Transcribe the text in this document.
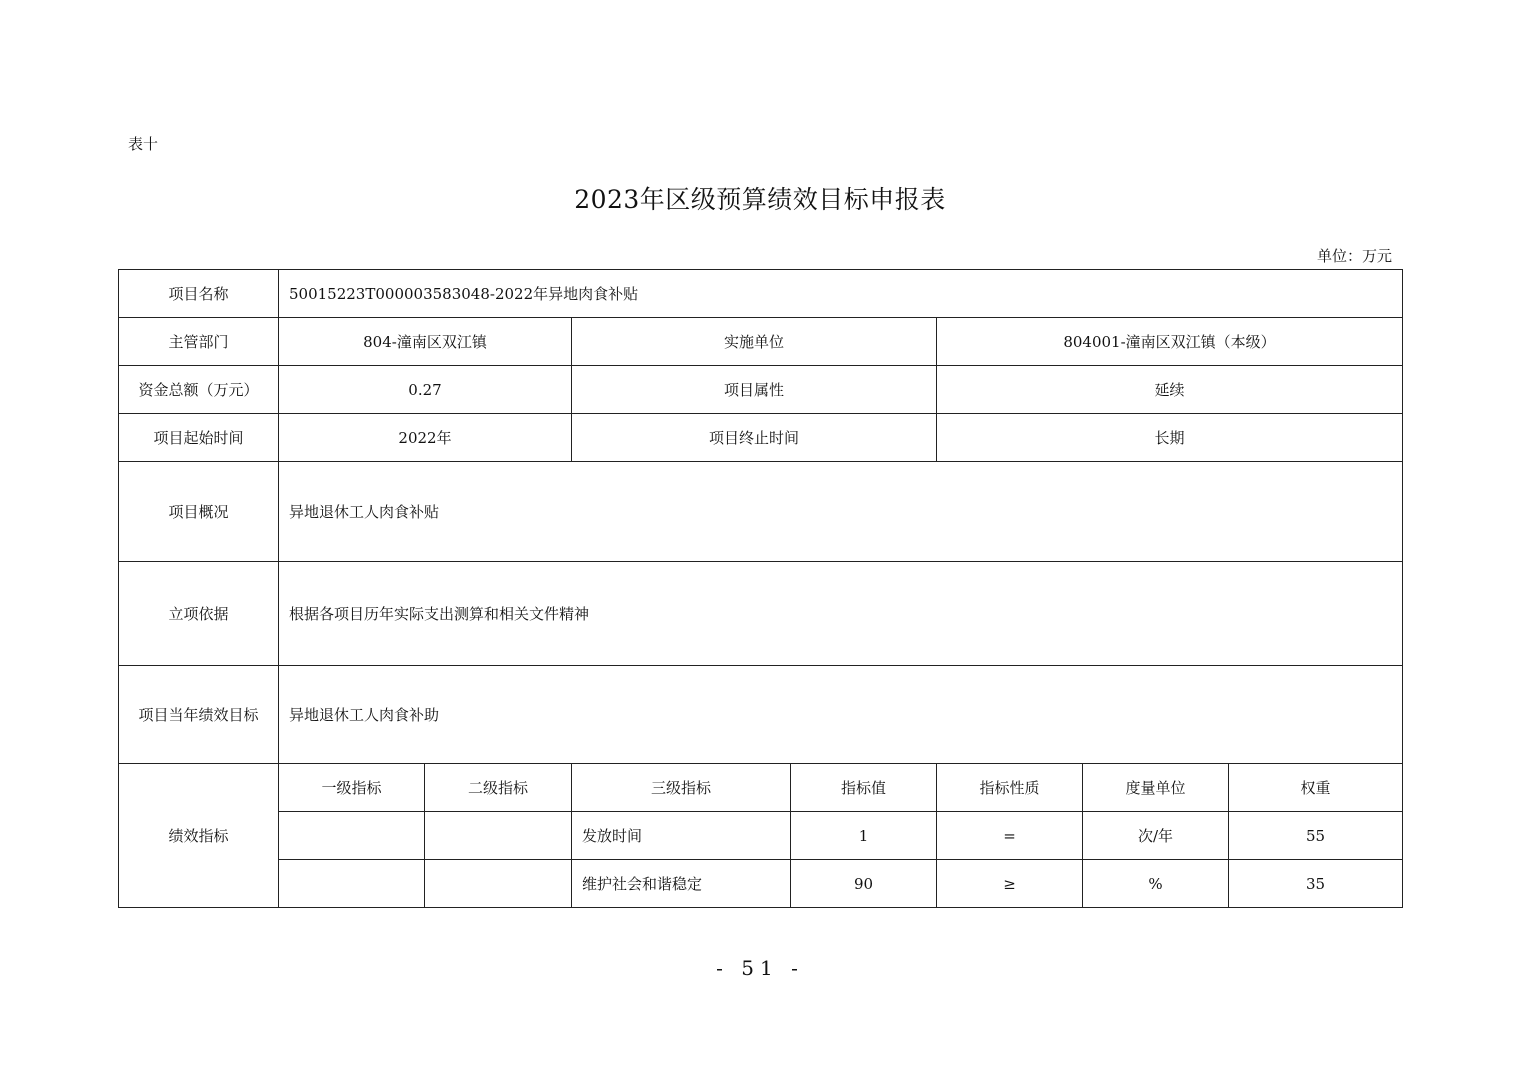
表十
2023年区级预算绩效目标申报表
单位：万元
项目名称	50015223T000003583048-2022年异地肉食补贴						
主管部门	804-潼南区双江镇		实施单位		804001-潼南区双江镇（本级）		
资金总额（万元）	0.27		项目属性		延续		
项目起始时间	2022年		项目终止时间		长期		
项目概况	异地退休工人肉食补贴						
立项依据	根据各项目历年实际支出测算和相关文件精神						
项目当年绩效目标	异地退休工人肉食补助						
绩效指标	一级指标	二级指标	三级指标	指标值	指标性质	度量单位	权重
			发放时间	1	=	次/年	55
			维护社会和谐稳定	90	≥	%	35
- 51 -
